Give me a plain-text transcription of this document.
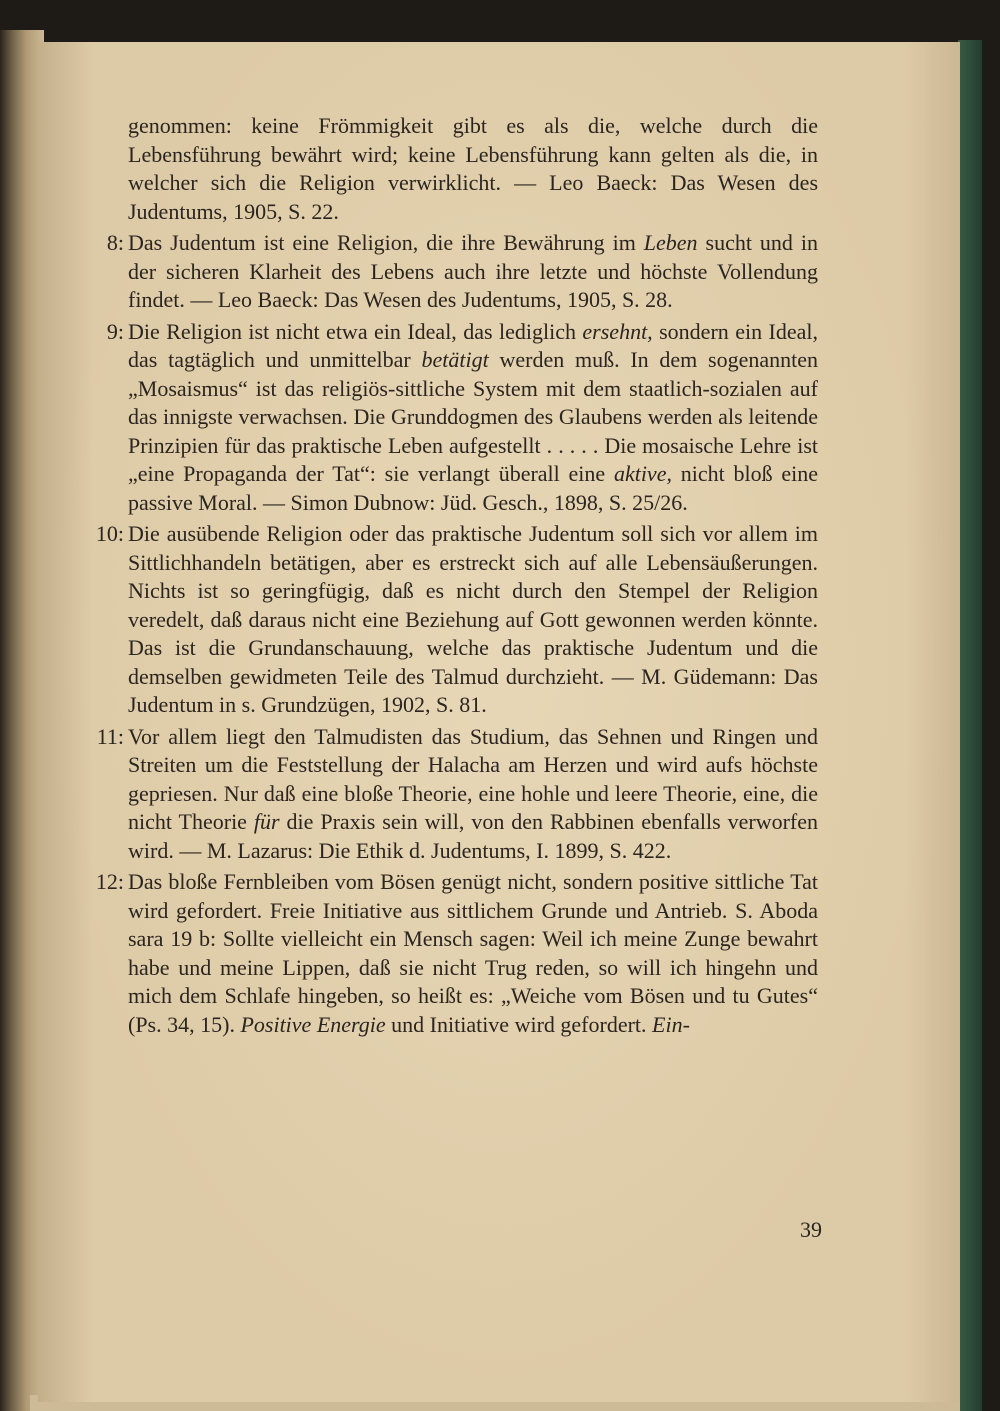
genommen: keine Frömmigkeit gibt es als die, welche durch die Lebensführung bewährt wird; keine Lebensführung kann gelten als die, in welcher sich die Religion verwirklicht. — Leo Baeck: Das Wesen des Judentums, 1905, S. 22.

8: Das Judentum ist eine Religion, die ihre Bewährung im Leben sucht und in der sicheren Klarheit des Lebens auch ihre letzte und höchste Vollendung findet. — Leo Baeck: Das Wesen des Judentums, 1905, S. 28.
9: Die Religion ist nicht etwa ein Ideal, das lediglich ersehnt, sondern ein Ideal, das tagtäglich und unmittelbar betätigt werden muß. In dem sogenannten „Mosaismus“ ist das religiös-sittliche System mit dem staatlich-sozialen auf das innigste verwachsen. Die Grunddogmen des Glaubens werden als leitende Prinzipien für das praktische Leben aufgestellt . . . . . Die mosaische Lehre ist „eine Propaganda der Tat“: sie verlangt überall eine aktive, nicht bloß eine passive Moral. — Simon Dubnow: Jüd. Gesch., 1898, S. 25/26.
10: Die ausübende Religion oder das praktische Judentum soll sich vor allem im Sittlichhandeln betätigen, aber es erstreckt sich auf alle Lebensäußerungen. Nichts ist so geringfügig, daß es nicht durch den Stempel der Religion veredelt, daß daraus nicht eine Beziehung auf Gott gewonnen werden könnte. Das ist die Grundanschauung, welche das praktische Judentum und die demselben gewidmeten Teile des Talmud durchzieht. — M. Güdemann: Das Judentum in s. Grundzügen, 1902, S. 81.
11: Vor allem liegt den Talmudisten das Studium, das Sehnen und Ringen und Streiten um die Feststellung der Halacha am Herzen und wird aufs höchste gepriesen. Nur daß eine bloße Theorie, eine hohle und leere Theorie, eine, die nicht Theorie für die Praxis sein will, von den Rabbinen ebenfalls verworfen wird. — M. Lazarus: Die Ethik d. Judentums, I. 1899, S. 422.
12: Das bloße Fernbleiben vom Bösen genügt nicht, sondern positive sittliche Tat wird gefordert. Freie Initiative aus sittlichem Grunde und Antrieb. S. Aboda sara 19 b: Sollte vielleicht ein Mensch sagen: Weil ich meine Zunge bewahrt habe und meine Lippen, daß sie nicht Trug reden, so will ich hingehn und mich dem Schlafe hingeben, so heißt es: „Weiche vom Bösen und tu Gutes“ (Ps. 34, 15). Positive Energie und Initiative wird gefordert. Ein-
39
